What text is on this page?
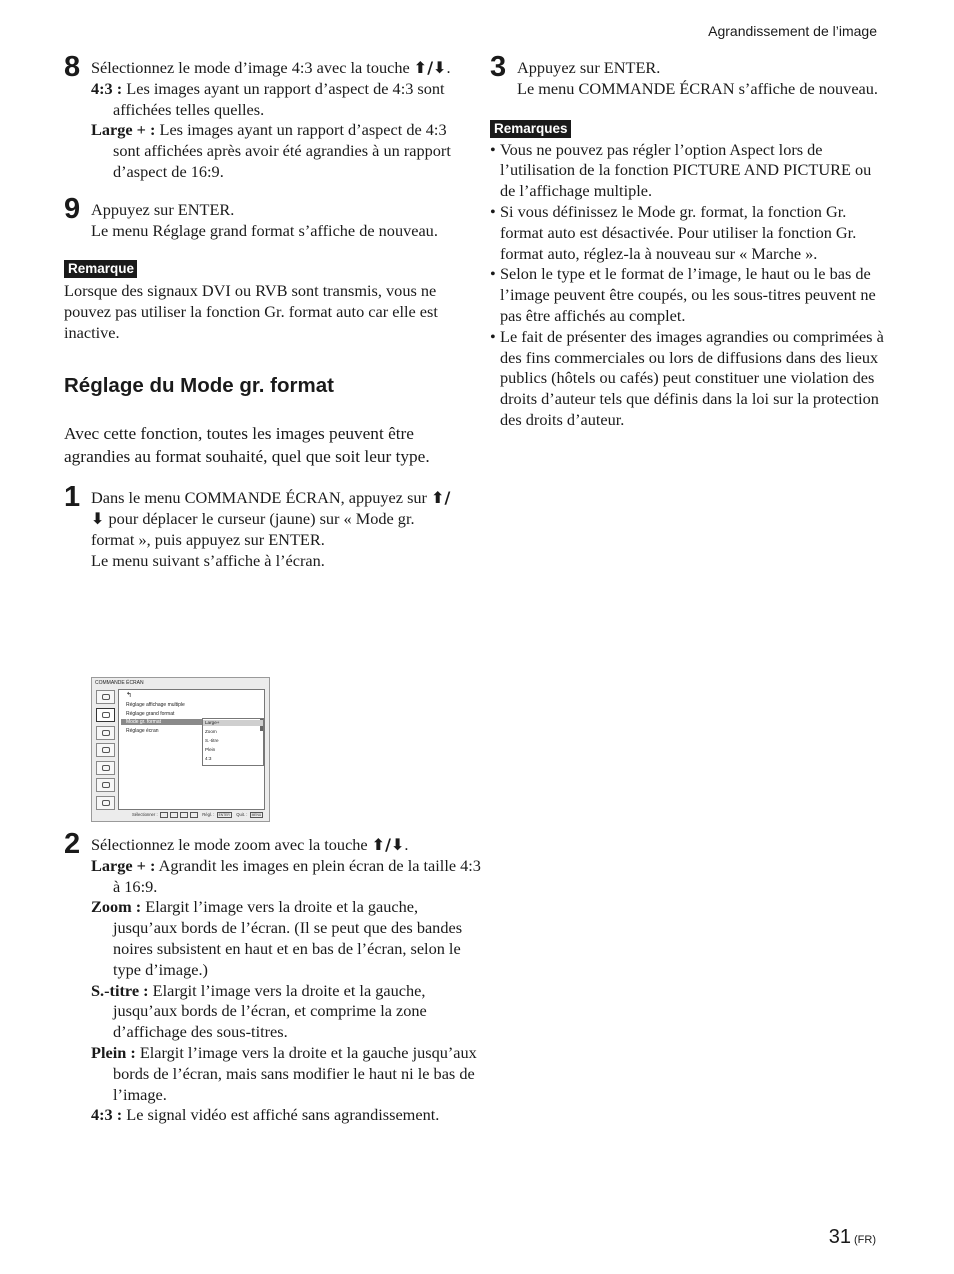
Agrandissement de l’image
8 Sélectionnez le mode d’image 4:3 avec la touche ⬆/⬇.

4:3 : Les images ayant un rapport d’aspect de 4:3 sont affichées telles quelles.

Large + : Les images ayant un rapport d’aspect de 4:3 sont affichées après avoir été agrandies à un rapport d’aspect de 16:9.

9 Appuyez sur ENTER.

Le menu Réglage grand format s’affiche de nouveau.

Remarque

Lorsque des signaux DVI ou RVB sont transmis, vous ne pouvez pas utiliser la fonction Gr. format auto car elle est inactive.

Réglage du Mode gr. format

Avec cette fonction, toutes les images peuvent être agrandies au format souhaité, quel que soit leur type.

1 Dans le menu COMMANDE ÉCRAN, appuyez sur ⬆/⬇ pour déplacer le curseur (jaune) sur « Mode gr. format », puis appuyez sur ENTER.

Le menu suivant s’affiche à l’écran.

2 Sélectionnez le mode zoom avec la touche ⬆/⬇.

Large + : Agrandit les images en plein écran de la taille 4:3 à 16:9.

Zoom : Elargit l’image vers la droite et la gauche, jusqu’aux bords de l’écran. (Il se peut que des bandes noires subsistent en haut et en bas de l’écran, selon le type d’image.)

S.-titre : Elargit l’image vers la droite et la gauche, jusqu’aux bords de l’écran, et comprime la zone d’affichage des sous-titres.

Plein : Elargit l’image vers la droite et la gauche jusqu’aux bords de l’écran, mais sans modifier le haut ni le bas de l’image.

4:3 : Le signal vidéo est affiché sans agrandissement.

COMMANDE ÉCRAN
↰
Réglage affichage multiple
Réglage grand format
Mode gr. format
Réglage écran
Large+
Zoom
S.-titre
Plein
4:3
Sélectionner :	Régl. : ENTER Quit. : MENU
3 Appuyez sur ENTER.

Le menu COMMANDE ÉCRAN s’affiche de nouveau.

Remarques
• Vous ne pouvez pas régler l’option Aspect lors de l’utilisation de la fonction PICTURE AND PICTURE ou de l’affichage multiple.
• Si vous définissez le Mode gr. format, la fonction Gr. format auto est désactivée. Pour utiliser la fonction Gr. format auto, réglez-la à nouveau sur « Marche ».
• Selon le type et le format de l’image, le haut ou le bas de l’image peuvent être coupés, ou les sous-titres peuvent ne pas être affichés au complet.
• Le fait de présenter des images agrandies ou comprimées à des fins commerciales ou lors de diffusions dans des lieux publics (hôtels ou cafés) peut constituer une violation des droits d’auteur tels que définis dans la loi sur la protection des droits d’auteur.
31 (FR)
